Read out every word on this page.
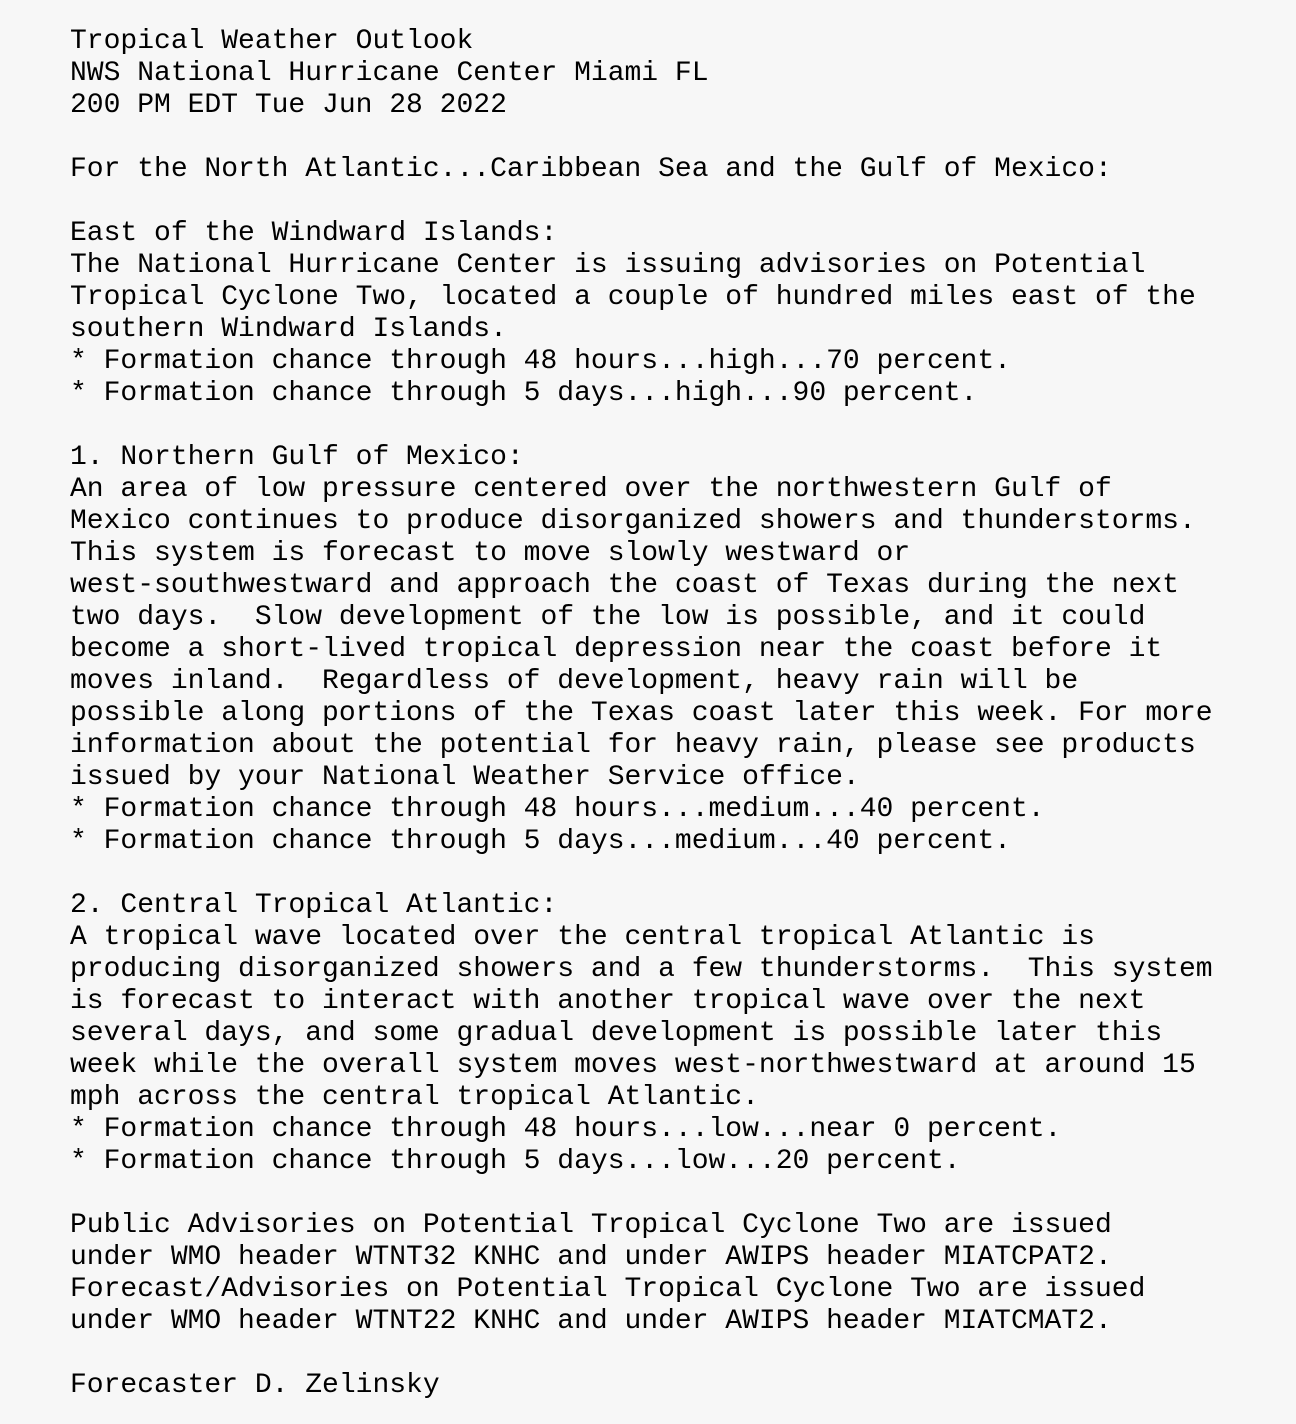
Tropical Weather Outlook
NWS National Hurricane Center Miami FL
200 PM EDT Tue Jun 28 2022
For the North Atlantic...Caribbean Sea and the Gulf of Mexico:
East of the Windward Islands:
The National Hurricane Center is issuing advisories on Potential
Tropical Cyclone Two, located a couple of hundred miles east of the
southern Windward Islands.
* Formation chance through 48 hours...high...70 percent.
* Formation chance through 5 days...high...90 percent.
1. Northern Gulf of Mexico:
An area of low pressure centered over the northwestern Gulf of
Mexico continues to produce disorganized showers and thunderstorms.
This system is forecast to move slowly westward or
west-southwestward and approach the coast of Texas during the next
two days.  Slow development of the low is possible, and it could
become a short-lived tropical depression near the coast before it
moves inland.  Regardless of development, heavy rain will be
possible along portions of the Texas coast later this week. For more
information about the potential for heavy rain, please see products
issued by your National Weather Service office.
* Formation chance through 48 hours...medium...40 percent.
* Formation chance through 5 days...medium...40 percent.
2. Central Tropical Atlantic:
A tropical wave located over the central tropical Atlantic is
producing disorganized showers and a few thunderstorms.  This system
is forecast to interact with another tropical wave over the next
several days, and some gradual development is possible later this
week while the overall system moves west-northwestward at around 15
mph across the central tropical Atlantic.
* Formation chance through 48 hours...low...near 0 percent.
* Formation chance through 5 days...low...20 percent.
Public Advisories on Potential Tropical Cyclone Two are issued
under WMO header WTNT32 KNHC and under AWIPS header MIATCPAT2.
Forecast/Advisories on Potential Tropical Cyclone Two are issued
under WMO header WTNT22 KNHC and under AWIPS header MIATCMAT2.
Forecaster D. Zelinsky
